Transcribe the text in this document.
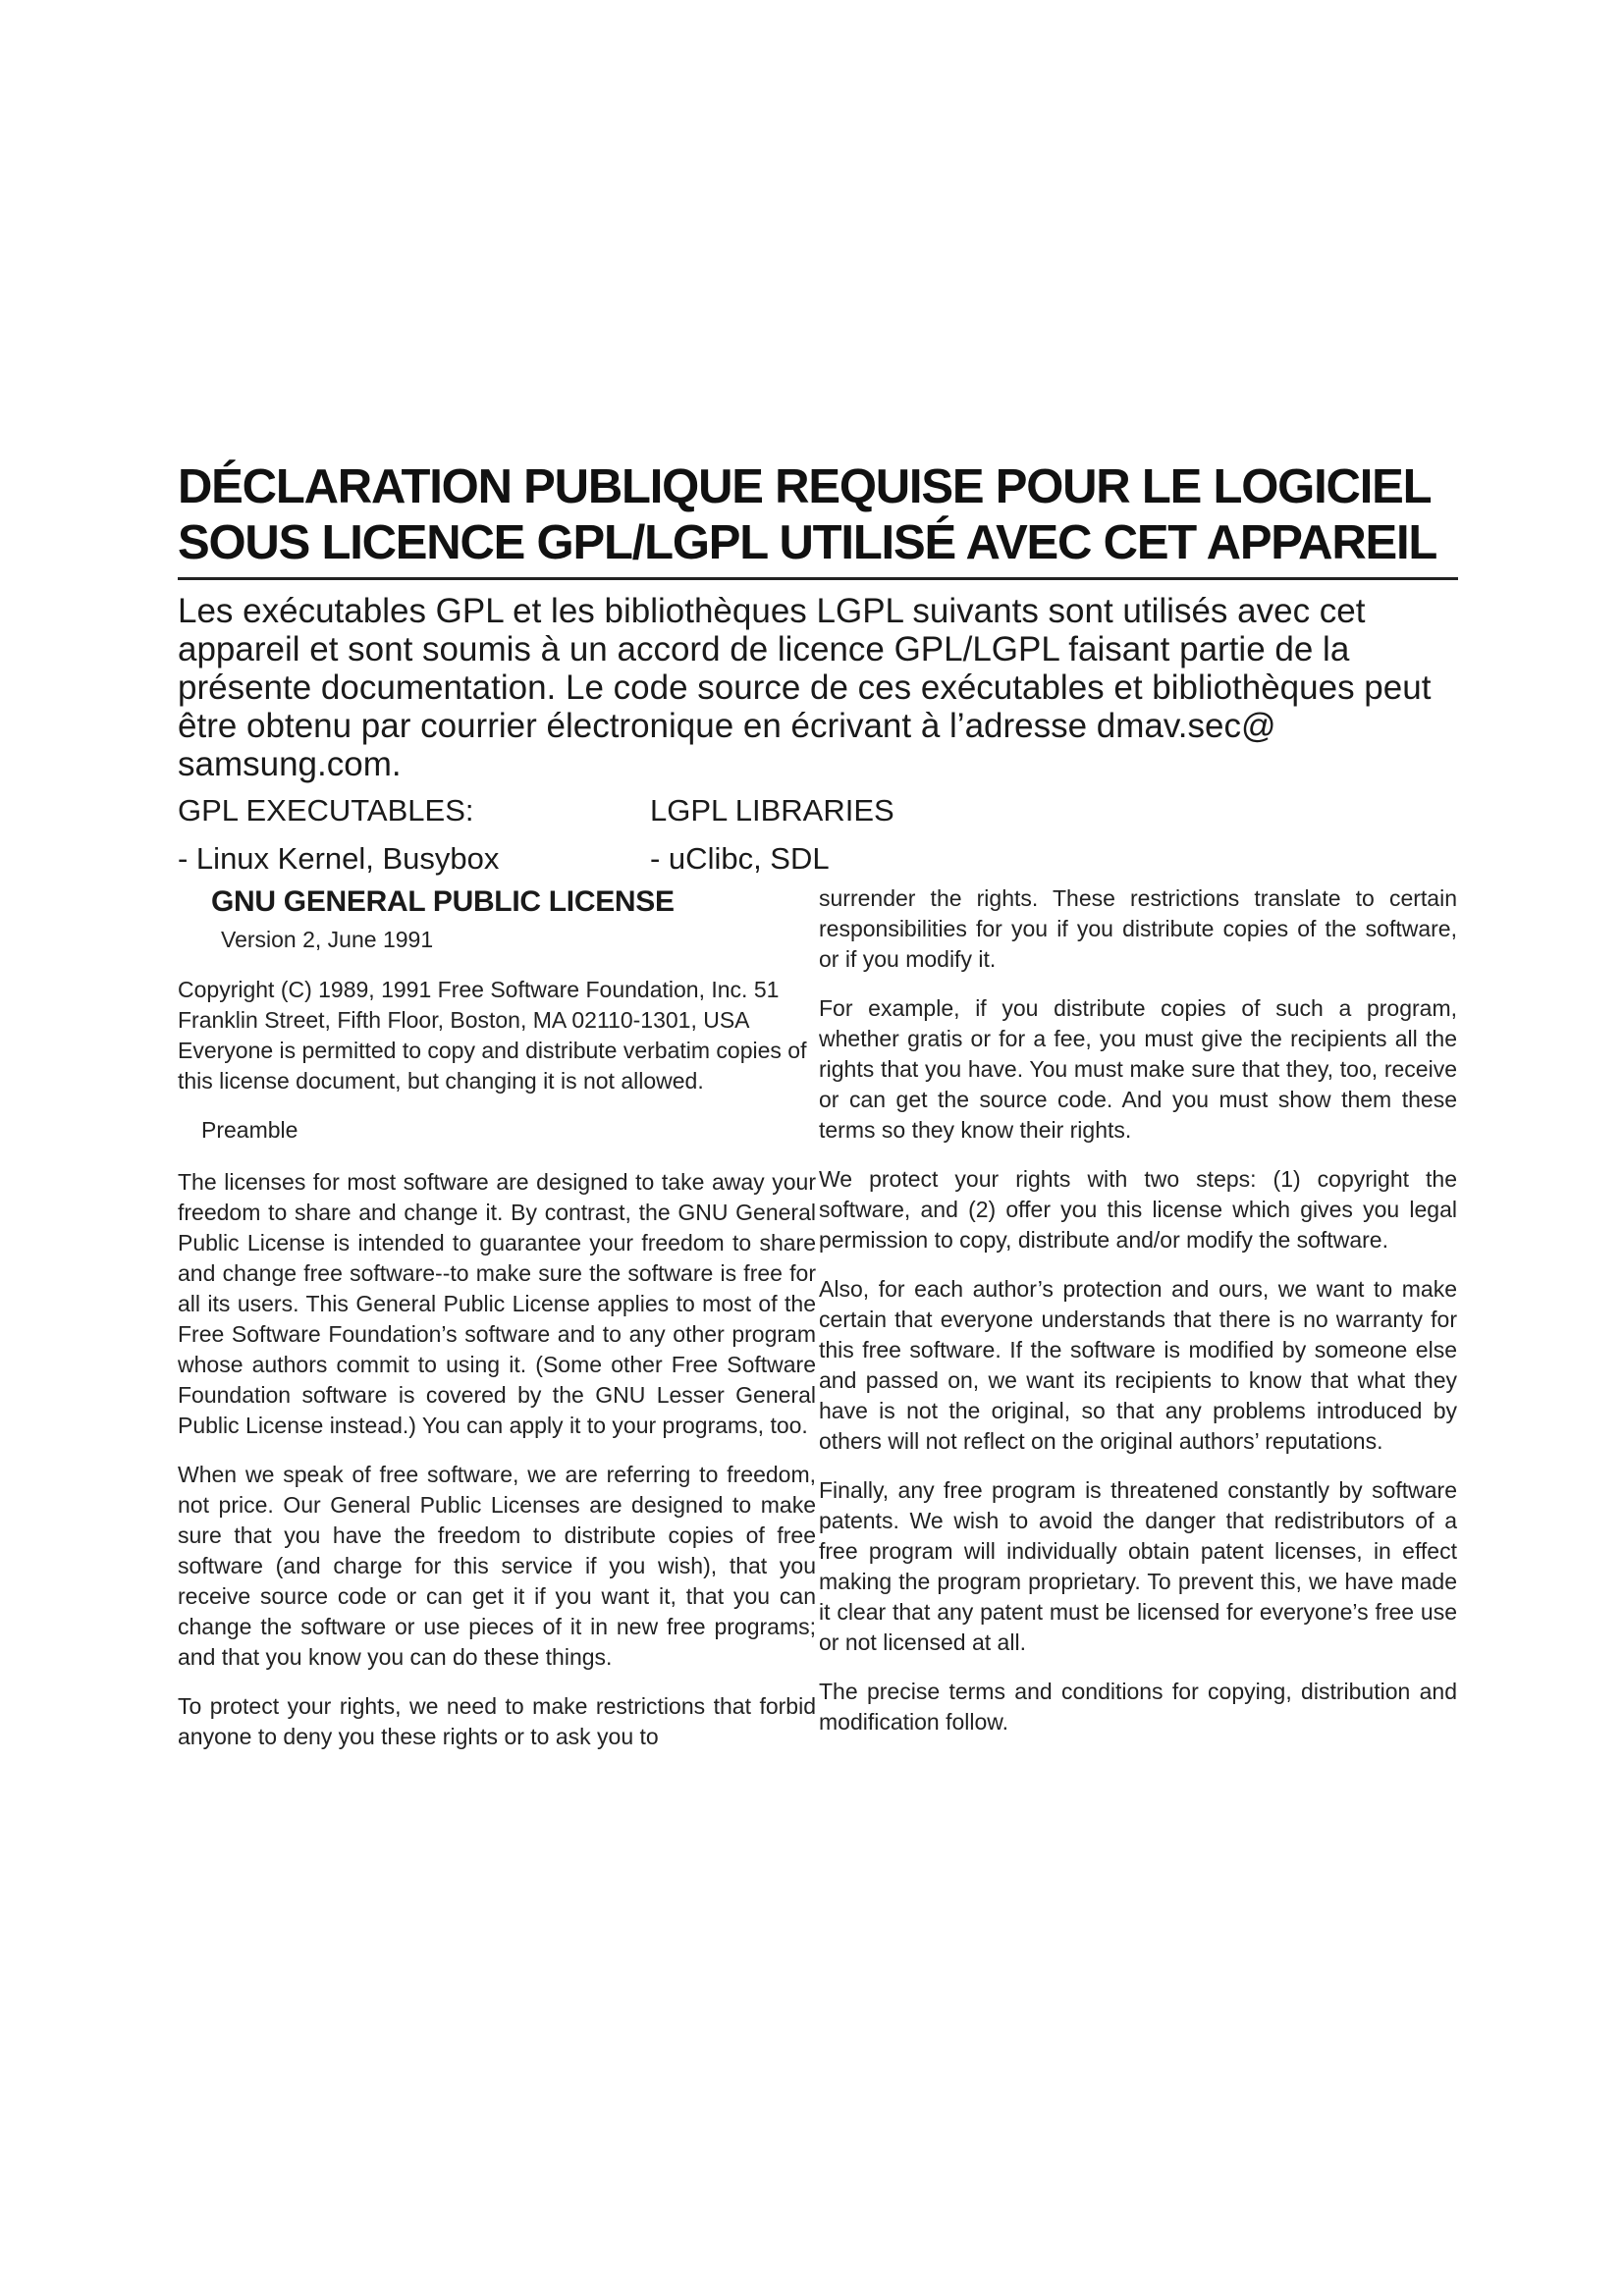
DÉCLARATION PUBLIQUE REQUISE POUR LE LOGICIEL
SOUS LICENCE GPL/LGPL UTILISÉ AVEC CET APPAREIL

Les exécutables GPL et les bibliothèques LGPL suivants sont utilisés avec cet appareil et sont soumis à un accord de licence GPL/LGPL faisant partie de la présente documentation. Le code source de ces exécutables et bibliothèques peut être obtenu par courrier électronique en écrivant à l’adresse dmav.sec@ samsung.com.

GPL EXECUTABLES:	LGPL LIBRARIES
- Linux Kernel, Busybox	- uClibc, SDL
GNU GENERAL PUBLIC LICENSE

Version 2, June 1991

Copyright (C) 1989, 1991 Free Software Foundation, Inc. 51 Franklin Street, Fifth Floor, Boston, MA 02110-1301, USA Everyone is permitted to copy and distribute verbatim copies of this license document, but changing it is not allowed.

Preamble

The licenses for most software are designed to take away your freedom to share and change it. By contrast, the GNU General Public License is intended to guarantee your freedom to share and change free software--to make sure the software is free for all its users. This General Public License applies to most of the Free Software Foundation’s software and to any other program whose authors commit to using it. (Some other Free Software Foundation software is covered by the GNU Lesser General Public License instead.) You can apply it to your programs, too.

When we speak of free software, we are referring to freedom, not price. Our General Public Licenses are designed to make sure that you have the freedom to distribute copies of free software (and charge for this service if you wish), that you receive source code or can get it if you want it, that you can change the software or use pieces of it in new free programs; and that you know you can do these things.

To protect your rights, we need to make restrictions that forbid anyone to deny you these rights or to ask you to

surrender the rights. These restrictions translate to certain responsibilities for you if you distribute copies of the software, or if you modify it.

For example, if you distribute copies of such a program, whether gratis or for a fee, you must give the recipients all the rights that you have. You must make sure that they, too, receive or can get the source code. And you must show them these terms so they know their rights.

We protect your rights with two steps: (1) copyright the software, and (2) offer you this license which gives you legal permission to copy, distribute and/or modify the software.

Also, for each author’s protection and ours, we want to make certain that everyone understands that there is no warranty for this free software. If the software is modified by someone else and passed on, we want its recipients to know that what they have is not the original, so that any problems introduced by others will not reflect on the original authors’ reputations.

Finally, any free program is threatened constantly by software patents. We wish to avoid the danger that redistributors of a free program will individually obtain patent licenses, in effect making the program proprietary. To prevent this, we have made it clear that any patent must be licensed for everyone’s free use or not licensed at all.

The precise terms and conditions for copying, distribution and modification follow.
